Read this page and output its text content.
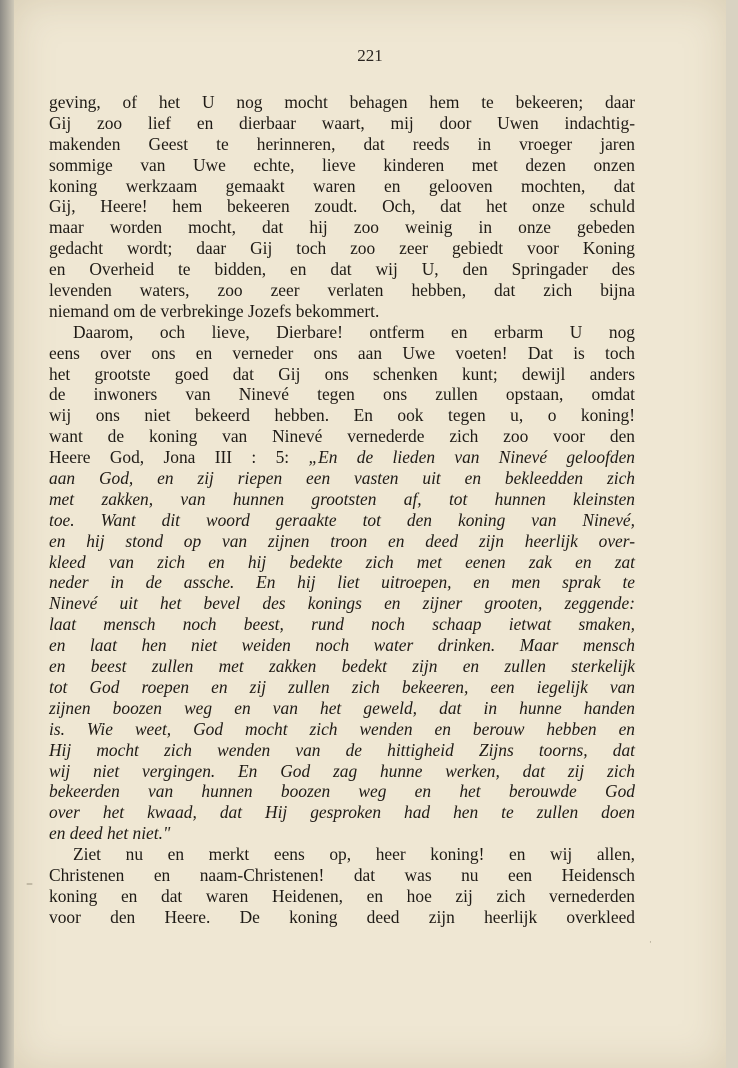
221
geving, of het U nog mocht behagen hem te bekeeren; daar
Gij zoo lief en dierbaar waart, mij door Uwen indachtig-
makenden Geest te herinneren, dat reeds in vroeger jaren
sommige van Uwe echte, lieve kinderen met dezen onzen
koning werkzaam gemaakt waren en gelooven mochten, dat
Gij, Heere! hem bekeeren zoudt. Och, dat het onze schuld
maar worden mocht, dat hij zoo weinig in onze gebeden
gedacht wordt; daar Gij toch zoo zeer gebiedt voor Koning
en Overheid te bidden, en dat wij U, den Springader des
levenden waters, zoo zeer verlaten hebben, dat zich bijna
niemand om de verbrekinge Jozefs bekommert.
Daarom, och lieve, Dierbare! ontferm en erbarm U nog
eens over ons en verneder ons aan Uwe voeten! Dat is toch
het grootste goed dat Gij ons schenken kunt; dewijl anders
de inwoners van Ninevé tegen ons zullen opstaan, omdat
wij ons niet bekeerd hebben. En ook tegen u, o koning!
want de koning van Ninevé vernederde zich zoo voor den
Heere God, Jona III : 5: „En de lieden van Ninevé geloofden
aan God, en zij riepen een vasten uit en bekleedden zich
met zakken, van hunnen grootsten af, tot hunnen kleinsten
toe. Want dit woord geraakte tot den koning van Ninevé,
en hij stond op van zijnen troon en deed zijn heerlijk over-
kleed van zich en hij bedekte zich met eenen zak en zat
neder in de assche. En hij liet uitroepen, en men sprak te
Ninevé uit het bevel des konings en zijner grooten, zeggende:
laat mensch noch beest, rund noch schaap ietwat smaken,
en laat hen niet weiden noch water drinken. Maar mensch
en beest zullen met zakken bedekt zijn en zullen sterkelijk
tot God roepen en zij zullen zich bekeeren, een iegelijk van
zijnen boozen weg en van het geweld, dat in hunne handen
is. Wie weet, God mocht zich wenden en berouw hebben en
Hij mocht zich wenden van de hittigheid Zijns toorns, dat
wij niet vergingen. En God zag hunne werken, dat zij zich
bekeerden van hunnen boozen weg en het berouwde God
over het kwaad, dat Hij gesproken had hen te zullen doen
en deed het niet."
Ziet nu en merkt eens op, heer koning! en wij allen,
Christenen en naam-Christenen! dat was nu een Heidensch
koning en dat waren Heidenen, en hoe zij zich vernederden
voor den Heere. De koning deed zijn heerlijk overkleed
–
·
